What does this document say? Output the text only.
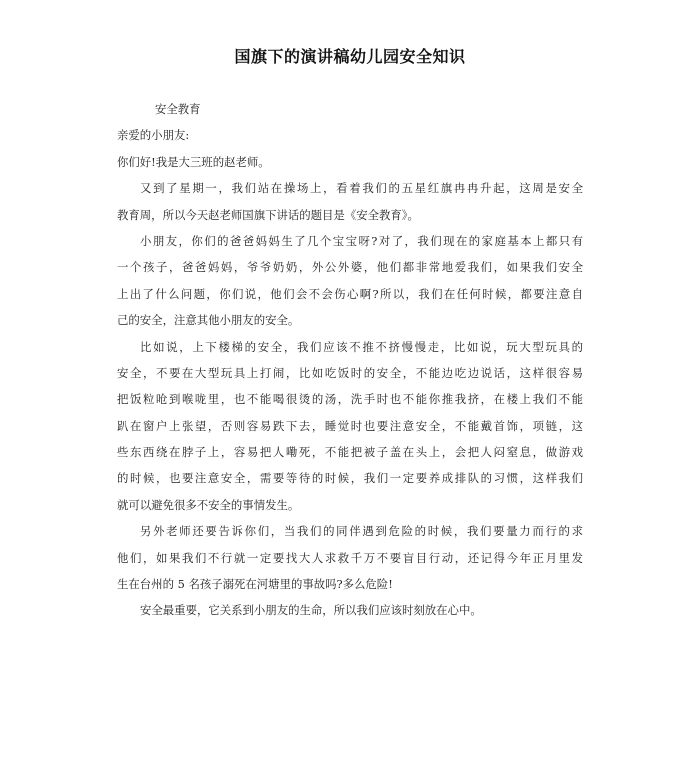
国旗下的演讲稿幼儿园安全知识
安全教育
亲爱的小朋友:
你们好!我是大三班的赵老师。
又到了星期一，我们站在操场上，看着我们的五星红旗冉冉升起，这周是安全
教育周，所以今天赵老师国旗下讲话的题目是《安全教育》。
小朋友，你们的爸爸妈妈生了几个宝宝呀?对了，我们现在的家庭基本上都只有
一个孩子，爸爸妈妈，爷爷奶奶，外公外婆，他们都非常地爱我们，如果我们安全
上出了什么问题，你们说，他们会不会伤心啊?所以，我们在任何时候，都要注意自
己的安全，注意其他小朋友的安全。
比如说，上下楼梯的安全，我们应该不推不挤慢慢走，比如说，玩大型玩具的
安全，不要在大型玩具上打闹，比如吃饭时的安全，不能边吃边说话，这样很容易
把饭粒呛到喉咙里，也不能喝很烫的汤，洗手时也不能你推我挤，在楼上我们不能
趴在窗户上张望，否则容易跌下去，睡觉时也要注意安全，不能戴首饰，项链，这
些东西绕在脖子上，容易把人嘞死，不能把被子盖在头上，会把人闷窒息，做游戏
的时候，也要注意安全，需要等待的时候，我们一定要养成排队的习惯，这样我们
就可以避免很多不安全的事情发生。
另外老师还要告诉你们，当我们的同伴遇到危险的时候，我们要量力而行的求
他们，如果我们不行就一定要找大人求救千万不要盲目行动，还记得今年正月里发
生在台州的 5 名孩子溺死在河塘里的事故吗?多么危险!
安全最重要，它关系到小朋友的生命，所以我们应该时刻放在心中。
